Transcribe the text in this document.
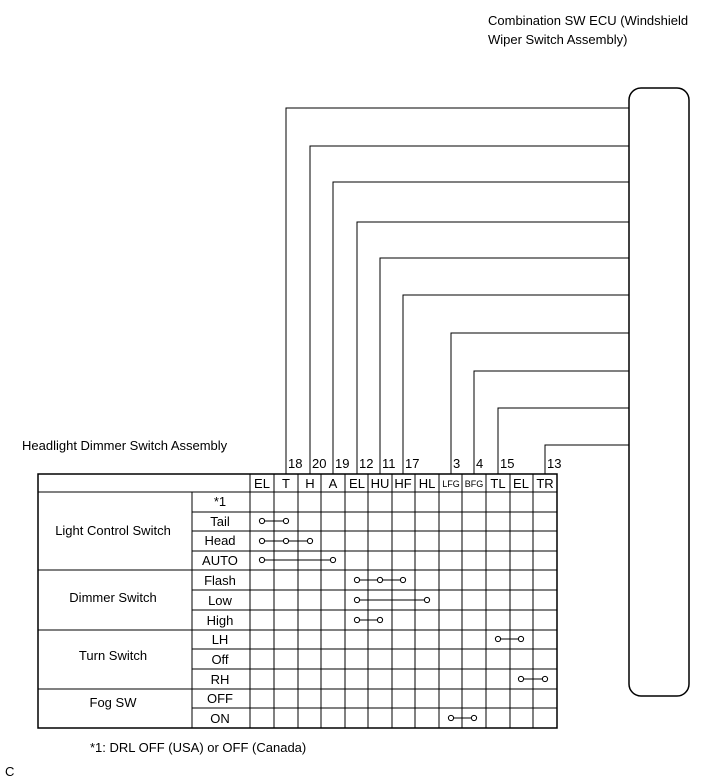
Combination SW ECU (Windshield
Wiper Switch Assembly)
18 20 19 12 11 17	3 4 15	13
Headlight Dimmer Switch Assembly
EL T H A EL HU HF HL LFG BFG TL EL TR
Light Control Switch
Dimmer Switch
Turn Switch
Fog SW
*1
Tail
Head
AUTO
Flash
Low
High
LH
Off
RH
OFF
ON
*1: DRL OFF (USA) or OFF (Canada)
C
